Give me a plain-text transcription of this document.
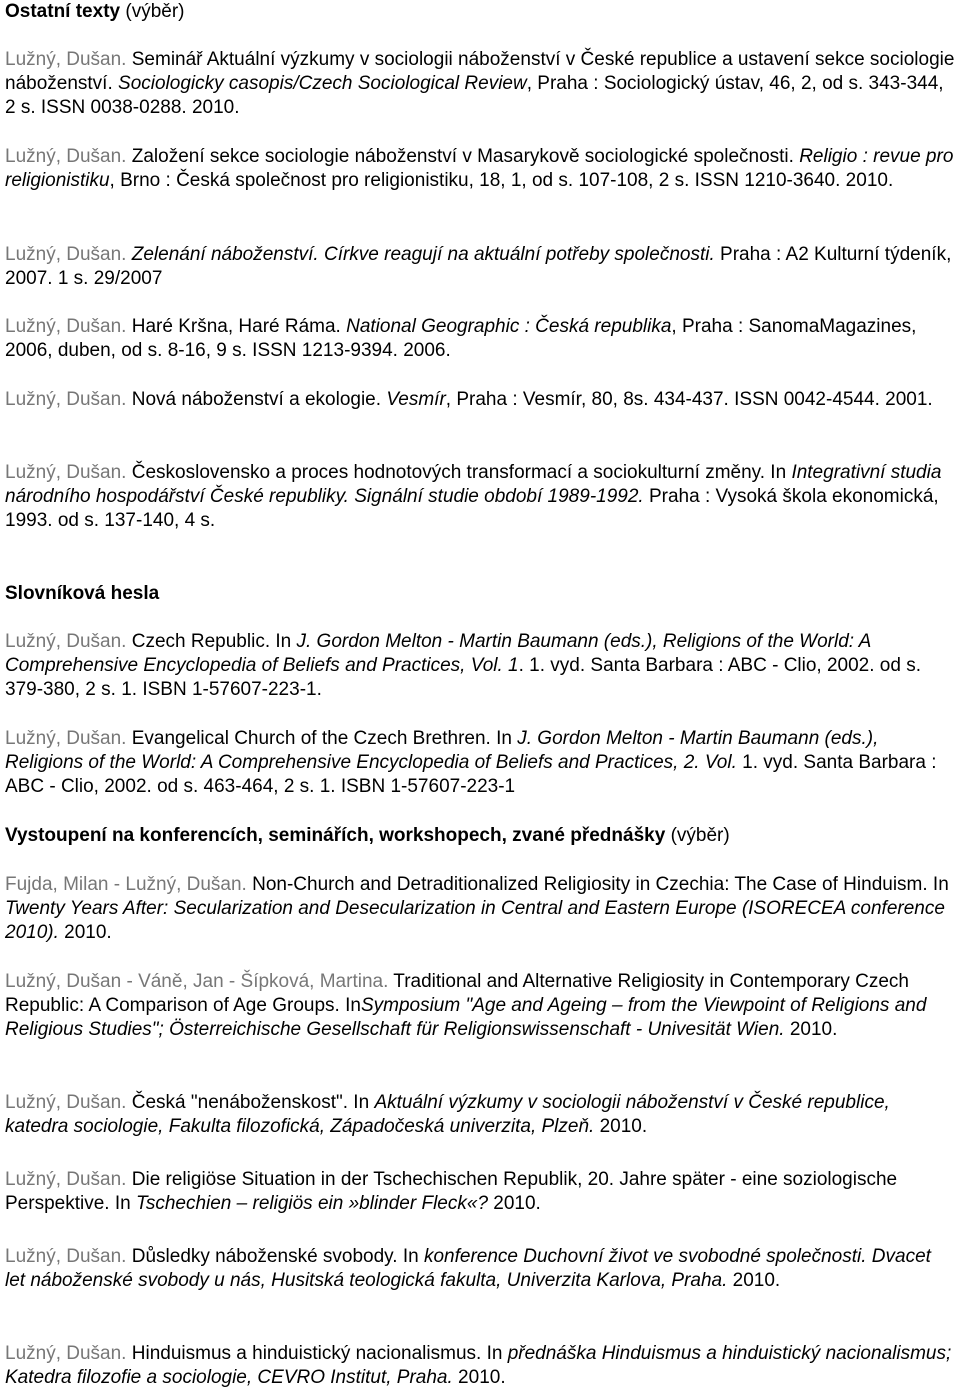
Ostatní texty (výběr)

Lužný, Dušan. Seminář Aktuální výzkumy v sociologii náboženství v České republice a ustavení sekce sociologie náboženství. Sociologicky casopis/Czech Sociological Review, Praha : Sociologický ústav, 46, 2, od s. 343-344, 2 s. ISSN 0038-0288. 2010.

Lužný, Dušan. Založení sekce sociologie náboženství v Masarykově sociologické společnosti. Religio : revue pro religionistiku, Brno : Česká společnost pro religionistiku, 18, 1, od s. 107-108, 2 s. ISSN 1210-3640. 2010.

Lužný, Dušan. Zelenání náboženství. Církve reagují na aktuální potřeby společnosti. Praha : A2 Kulturní týdeník, 2007. 1 s. 29/2007

Lužný, Dušan. Haré Kršna, Haré Ráma. National Geographic : Česká republika, Praha : SanomaMagazines, 2006, duben, od s. 8-16, 9 s. ISSN 1213-9394. 2006.

Lužný, Dušan. Nová náboženství a ekologie. Vesmír, Praha : Vesmír, 80, 8s. 434-437. ISSN 0042-4544. 2001.

Lužný, Dušan. Československo a proces hodnotových transformací a sociokulturní změny. In Integrativní studia národního hospodářství České republiky. Signální studie období 1989-1992. Praha : Vysoká škola ekonomická, 1993. od s. 137-140, 4 s.

Slovníková hesla

Lužný, Dušan. Czech Republic. In J. Gordon Melton - Martin Baumann (eds.), Religions of the World: A Comprehensive Encyclopedia of Beliefs and Practices, Vol. 1. 1. vyd. Santa Barbara : ABC - Clio, 2002. od s. 379-380, 2 s. 1. ISBN 1-57607-223-1.

Lužný, Dušan. Evangelical Church of the Czech Brethren. In J. Gordon Melton - Martin Baumann (eds.), Religions of the World: A Comprehensive Encyclopedia of Beliefs and Practices, 2. Vol. 1. vyd. Santa Barbara : ABC - Clio, 2002. od s. 463-464, 2 s. 1. ISBN 1-57607-223-1

Vystoupení na konferencích, seminářích, workshopech, zvané přednášky (výběr)

Fujda, Milan - Lužný, Dušan. Non-Church and Detraditionalized Religiosity in Czechia: The Case of Hinduism. In Twenty Years After: Secularization and Desecularization in Central and Eastern Europe (ISORECEA conference 2010). 2010.

Lužný, Dušan - Váně, Jan - Šípková, Martina. Traditional and Alternative Religiosity in Contemporary Czech Republic: A Comparison of Age Groups. InSymposium "Age and Ageing – from the Viewpoint of Religions and Religious Studies"; Österreichische Gesellschaft für Religionswissenschaft - Univesität Wien. 2010.

Lužný, Dušan. Česká "nenáboženskost". In Aktuální výzkumy v sociologii náboženství v České republice, katedra sociologie, Fakulta filozofická, Západočeská univerzita, Plzeň. 2010.

Lužný, Dušan. Die religiöse Situation in der Tschechischen Republik, 20. Jahre später - eine soziologische Perspektive. In Tschechien – religiös ein »blinder Fleck«? 2010.

Lužný, Dušan. Důsledky náboženské svobody. In konference Duchovní život ve svobodné společnosti. Dvacet let náboženské svobody u nás, Husitská teologická fakulta, Univerzita Karlova, Praha. 2010.

Lužný, Dušan. Hinduismus a hinduistický nacionalismus. In přednáška Hinduismus a hinduistický nacionalismus; Katedra filozofie a sociologie, CEVRO Institut, Praha. 2010.
